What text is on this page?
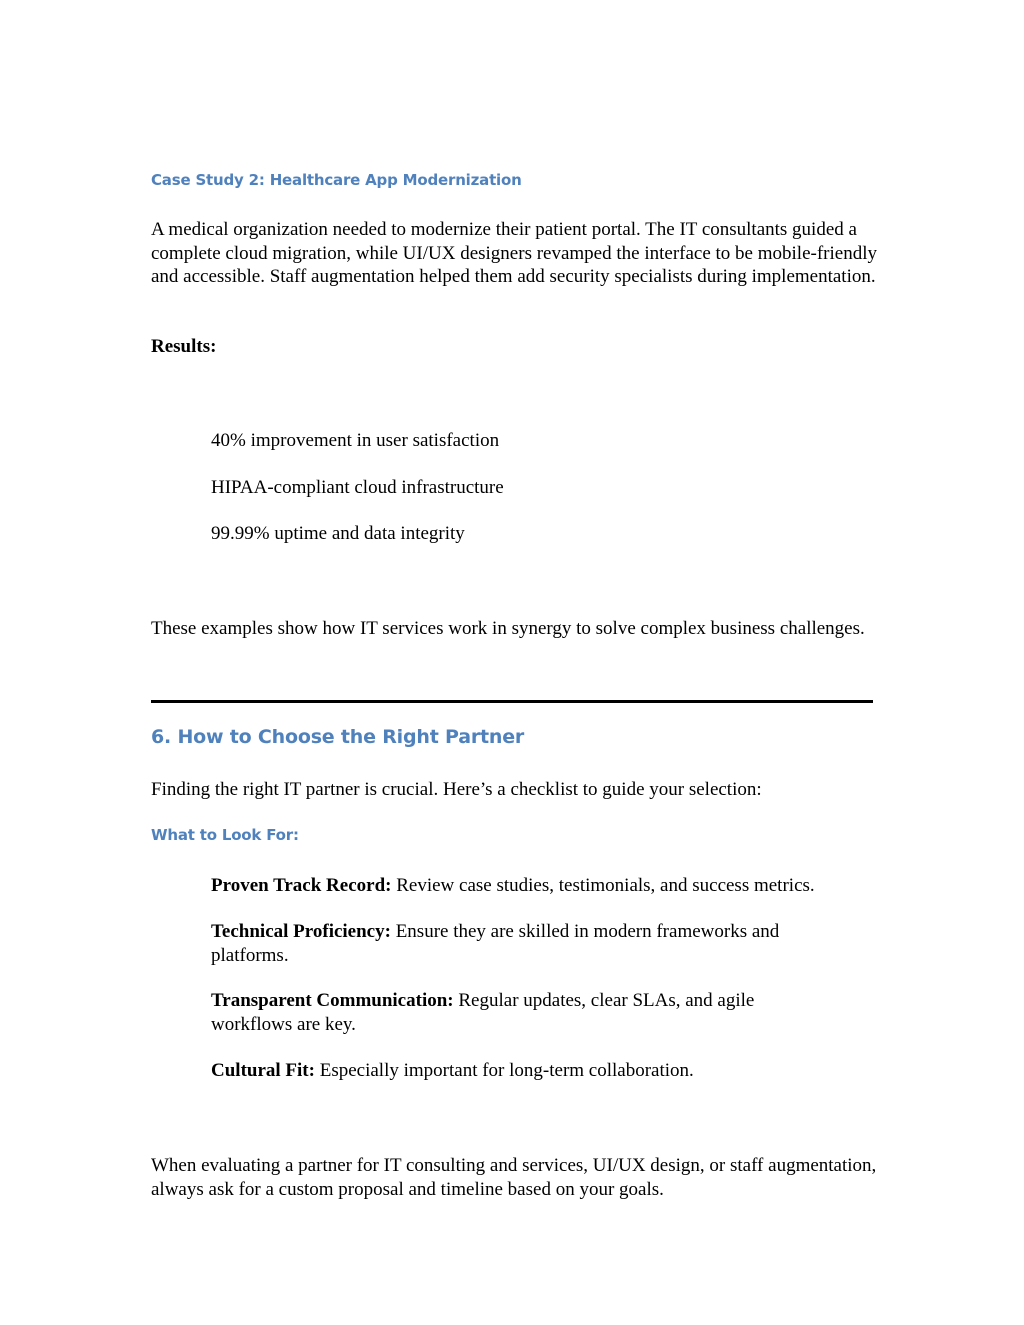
Case Study 2: Healthcare App Modernization

A medical organization needed to modernize their patient portal. The IT consultants guided a complete cloud migration, while UI/UX designers revamped the interface to be mobile-friendly and accessible. Staff augmentation helped them add security specialists during implementation.

Results:

40% improvement in user satisfaction

HIPAA-compliant cloud infrastructure

99.99% uptime and data integrity

These examples show how IT services work in synergy to solve complex business challenges.

6. How to Choose the Right Partner

Finding the right IT partner is crucial. Here’s a checklist to guide your selection:

What to Look For:

Proven Track Record: Review case studies, testimonials, and success metrics.

Technical Proficiency: Ensure they are skilled in modern frameworks and platforms.

Transparent Communication: Regular updates, clear SLAs, and agile workflows are key.

Cultural Fit: Especially important for long-term collaboration.

When evaluating a partner for IT consulting and services, UI/UX design, or staff augmentation, always ask for a custom proposal and timeline based on your goals.
